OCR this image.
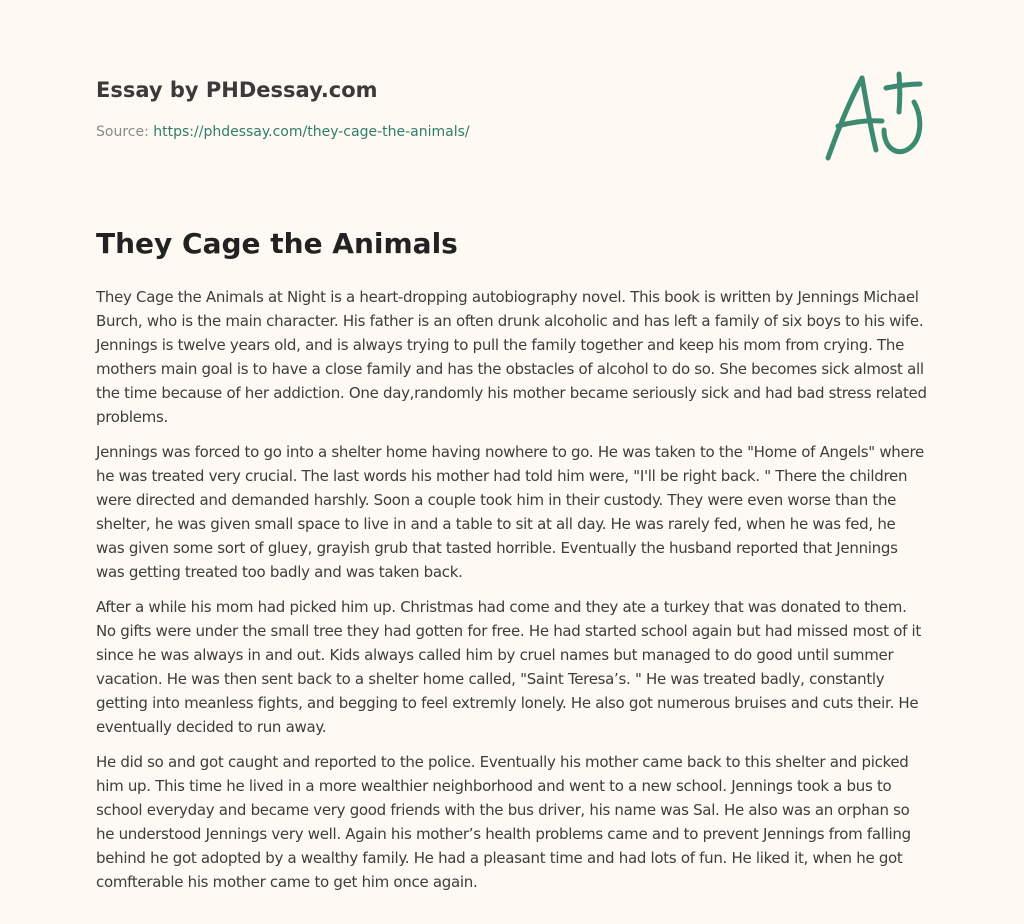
Essay by PHDessay.com
Source: https://phdessay.com/they-cage-the-animals/
They Cage the Animals

They Cage the Animals at Night is a heart-dropping autobiography novel. This book is written by Jennings Michael Burch, who is the main character. His father is an often drunk alcoholic and has left a family of six boys to his wife. Jennings is twelve years old, and is always trying to pull the family together and keep his mom from crying. The mothers main goal is to have a close family and has the obstacles of alcohol to do so. She becomes sick almost all the time because of her addiction. One day,randomly his mother became seriously sick and had bad stress related problems.

Jennings was forced to go into a shelter home having nowhere to go. He was taken to the "Home of Angels" where he was treated very crucial. The last words his mother had told him were, "I'll be right back. " There the children were directed and demanded harshly. Soon a couple took him in their custody. They were even worse than the shelter, he was given small space to live in and a table to sit at all day. He was rarely fed, when he was fed, he was given some sort of gluey, grayish grub that tasted horrible. Eventually the husband reported that Jennings was getting treated too badly and was taken back.

After a while his mom had picked him up. Christmas had come and they ate a turkey that was donated to them. No gifts were under the small tree they had gotten for free. He had started school again but had missed most of it since he was always in and out. Kids always called him by cruel names but managed to do good until summer vacation. He was then sent back to a shelter home called, "Saint Teresa’s. " He was treated badly, constantly getting into meanless fights, and begging to feel extremly lonely. He also got numerous bruises and cuts their. He eventually decided to run away.

He did so and got caught and reported to the police. Eventually his mother came back to this shelter and picked him up. This time he lived in a more wealthier neighborhood and went to a new school. Jennings took a bus to school everyday and became very good friends with the bus driver, his name was Sal. He also was an orphan so he understood Jennings very well. Again his mother’s health problems came and to prevent Jennings from falling behind he got adopted by a wealthy family. He had a pleasant time and had lots of fun. He liked it, when he got comfterable his mother came to get him once again.
